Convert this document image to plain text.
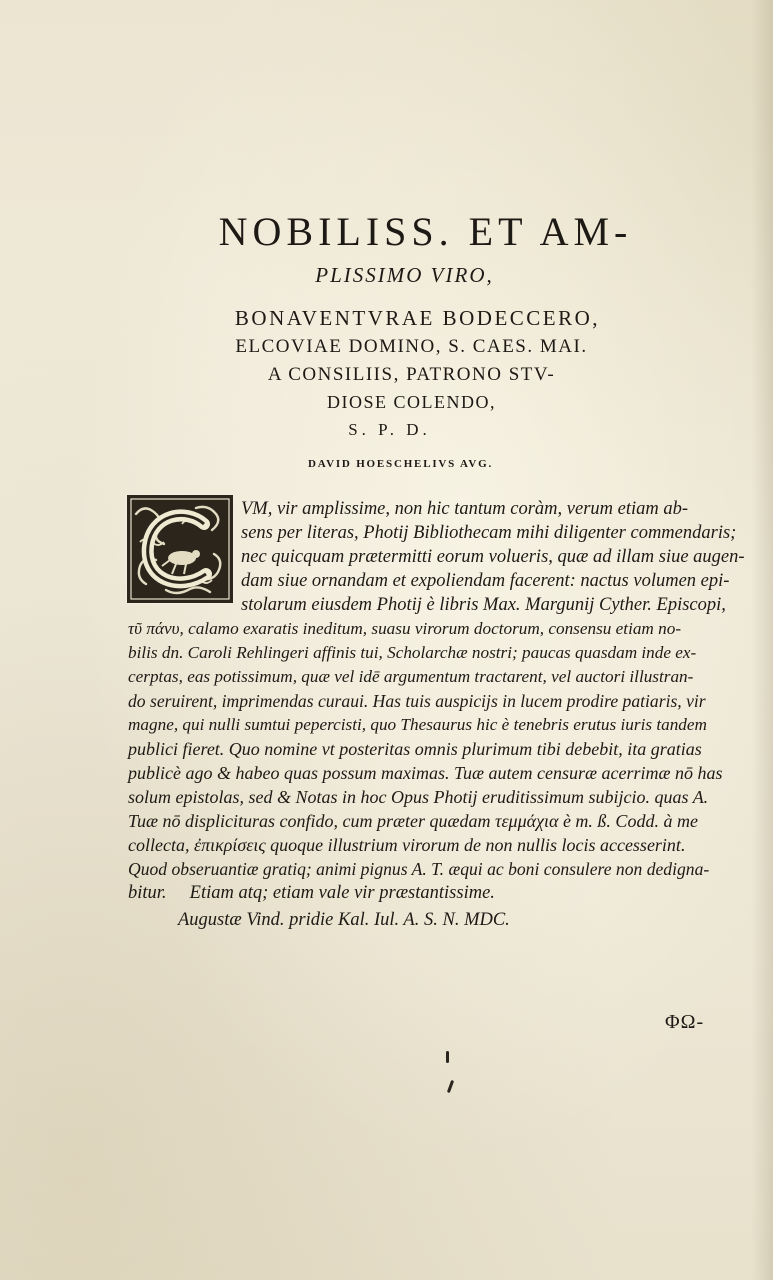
NOBILISS. ET AM-
PLISSIMO VIRO,
BONAVENTVRAE BODECCERO,
ELCOVIAE DOMINO, S. CAES. MAI.
A CONSILIIS, PATRONO STV-
DIOSE COLENDO,
S. P. D.
DAVID HOESCHELIVS AVG.
VM, vir amplissime, non hic tantum coràm, verum etiam ab-
sens per literas, Photij Bibliothecam mihi diligenter commendaris;
nec quicquam prætermitti eorum volueris, quæ ad illam siue augen-
dam siue ornandam et expoliendam facerent: nactus volumen epi-
stolarum eiusdem Photij è libris Max. Margunij Cyther. Episcopi,
τῦ πάνυ, calamo exaratis ineditum, suasu virorum doctorum, consensu etiam no-
bilis dn. Caroli Rehlingeri affinis tui, Scholarchæ nostri; paucas quasdam inde ex-
cerptas, eas potissimum, quæ vel idē argumentum tractarent, vel auctori illustran-
do seruirent, imprimendas curaui. Has tuis auspicijs in lucem prodire patiaris, vir
magne, qui nulli sumtui pepercisti, quo Thesaurus hic è tenebris erutus iuris tandem
publici fieret. Quo nomine vt posteritas omnis plurimum tibi debebit, ita gratias
publicè ago & habeo quas possum maximas. Tuæ autem censuræ acerrimæ nō has
solum epistolas, sed & Notas in hoc Opus Photij eruditissimum subijcio. quas A.
Tuæ nō displicituras confido, cum præter quædam τεμμάχια è m. ß. Codd. à me
collecta, ἐπικρίσεις quoque illustrium virorum de non nullis locis accesserint.
Quod obseruantiæ gratiq; animi pignus A. T. æqui ac boni consulere non dedigna-
bitur.     Etiam atq; etiam vale vir præstantissime.
Augustæ Vind. pridie Kal. Iul. A. S. N. MDC.
ΦΩ-
